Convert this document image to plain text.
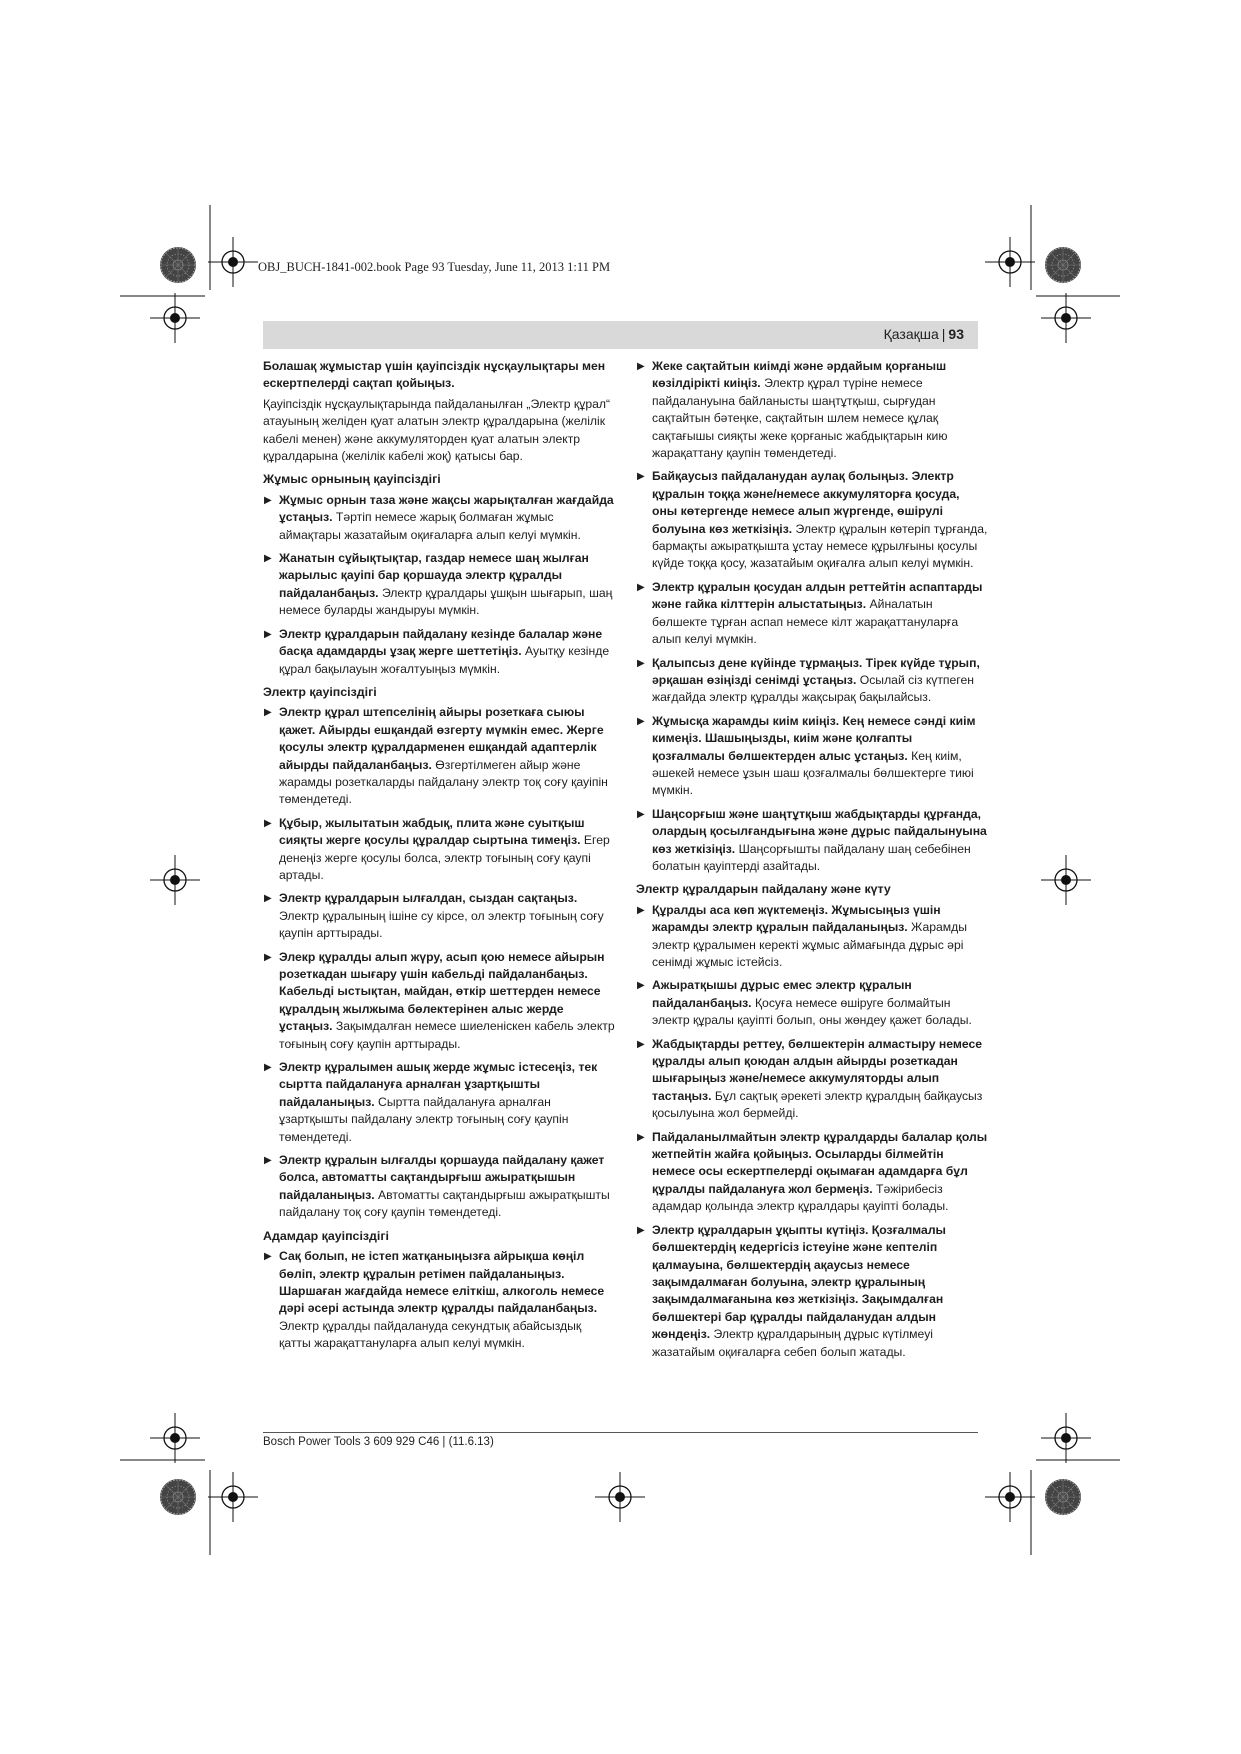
OBJ_BUCH-1841-002.book Page 93 Tuesday, June 11, 2013 1:11 PM
Қазақша | 93

Болашақ жұмыстар үшін қауіпсіздік нұсқаулықтары мен ескертпелерді сақтап қойыңыз.

Қауіпсіздік нұсқаулықтарында пайдаланылған „Электр құрал“ атауының желіден қуат алатын электр құралдарына (желілік кабелі менен) және аккумуляторден қуат алатын электр құралдарына (желілік кабелі жоқ) қатысы бар.

Жұмыс орнының қауіпсіздігі
▶ Жұмыс орнын таза және жақсы жарықталған жағдайда ұстаңыз. Тәртіп немесе жарық болмаған жұмыс аймақтары жазатайым оқиғаларға алып келуі мүмкін.
▶ Жанатын сұйықтықтар, газдар немесе шаң жылған жарылыс қауіпі бар қоршауда электр құралды пайдаланбаңыз. Электр құралдары ұшқын шығарып, шаң немесе буларды жандыруы мүмкін.
▶ Электр құралдарын пайдалану кезінде балалар және басқа адамдарды ұзақ жерге шеттетіңіз. Ауытқу кезінде құрал бақылауын жоғалтуыңыз мүмкін.
Электр қауіпсіздігі
▶ Электр құрал штепселінің айыры розеткаға сыюы қажет. Айырды ешқандай өзгерту мүмкін емес. Жерге қосулы электр құралдарменен ешқандай адаптерлік айырды пайдаланбаңыз. Өзгертілмеген айыр және жарамды розеткаларды пайдалану электр тоқ соғу қауіпін төмендетеді.
▶ Құбыр, жылытатын жабдық, плита және суытқыш сияқты жерге қосулы құралдар сыртына тимеңіз. Егер денеңіз жерге қосулы болса, электр тоғының соғу қаупі артады.
▶ Электр құралдарын ылғалдан, сыздан сақтаңыз. Электр құралының ішіне су кірсе, ол электр тоғының соғу қаупін арттырады.
▶ Элекр құралды алып жүру, асып қою немесе айырын розеткадан шығару үшін кабельді пайдаланбаңыз. Кабельді ыстықтан, майдан, өткір шеттерден немесе құралдың жылжыма бөлектерінен алыс жерде ұстаңыз. Зақымдалған немесе шиеленіскен кабель электр тоғының соғу қаупін арттырады.
▶ Электр құралымен ашық жерде жұмыс істесеңіз, тек сыртта пайдалануға арналған ұзартқышты пайдаланыңыз. Сыртта пайдалануға арналған ұзартқышты пайдалану электр тоғының соғу қаупін төмендетеді.
▶ Электр құралын ылғалды қоршауда пайдалану қажет болса, автоматты сақтандырғыш ажыратқышын пайдаланыңыз. Автоматты сақтандырғыш ажыратқышты пайдалану тоқ соғу қаупін төмендетеді.
Адамдар қауіпсіздігі
▶ Сақ болып, не істеп жатқаныңызға айрықша көңіл бөліп, электр құралын ретімен пайдаланыңыз. Шаршаған жағдайда немесе еліткіш, алкоголь немесе дәрі әсері астында электр құралды пайдаланбаңыз. Электр құралды пайдалануда секундтық абайсыздық қатты жарақаттануларға алып келуі мүмкін.
▶ Жеке сақтайтын киімді және әрдайым қорғаныш көзілдірікті киіңіз. Электр құрал түріне немесе пайдалануына байланысты шаңтұтқыш, сырғудан сақтайтын бәтеңке, сақтайтын шлем немесе құлақ сақтағышы сияқты жеке қорғаныс жабдықтарын кию жарақаттану қаупін төмендетеді.
▶ Байқаусыз пайдаланудан аулақ болыңыз. Электр құралын тоққа және/немесе аккумуляторға қосуда, оны көтергенде немесе алып жүргенде, өшірулі болуына көз жеткізіңіз. Электр құралын көтеріп тұрғанда, бармақты ажыратқышта ұстау немесе құрылғыны қосулы күйде тоққа қосу, жазатайым оқиғалға алып келуі мүмкін.
▶ Электр құралын қосудан алдын реттейтін аспаптарды және гайка кілттерін алыстатыңыз. Айналатын бөлшекте тұрған аспап немесе кілт жарақаттануларға алып келуі мүмкін.
▶ Қалыпсыз дене күйінде тұрмаңыз. Тірек күйде тұрып, әрқашан өзіңізді сенімді ұстаңыз. Осылай сіз күтпеген жағдайда электр құралды жақсырақ бақылайсыз.
▶ Жұмысқа жарамды киім киіңіз. Кең немесе сәнді киім кимеңіз. Шашыңызды, киім және қолғапты қозғалмалы бөлшектерден алыс ұстаңыз. Кең киім, әшекей немесе ұзын шаш қозғалмалы бөлшектерге тиюі мүмкін.
▶ Шаңсорғыш және шаңтұтқыш жабдықтарды құрғанда, олардың қосылғандығына және дұрыс пайдалынуына көз жеткізіңіз. Шаңсорғышты пайдалану шаң себебінен болатын қауіптерді азайтады.
Электр құралдарын пайдалану және күту
▶ Құралды аса көп жүктемеңіз. Жұмысыңыз үшін жарамды электр құралын пайдаланыңыз. Жарамды электр құралымен керекті жұмыс аймағында дұрыс әрі сенімді жұмыс істейсіз.
▶ Ажыратқышы дұрыс емес электр құралын пайдаланбаңыз. Қосуға немесе өшіруге болмайтын электр құралы қауіпті болып, оны жөндеу қажет болады.
▶ Жабдықтарды реттеу, бөлшектерін алмастыру немесе құралды алып қоюдан алдын айырды розеткадан шығарыңыз және/немесе аккумуляторды алып тастаңыз. Бұл сақтық әрекеті электр құралдың байқаусыз қосылуына жол бермейді.
▶ Пайдаланылмайтын электр құралдарды балалар қолы жетпейтін жайға қойыңыз. Осыларды білмейтін немесе осы ескертпелерді оқымаған адамдарға бұл құралды пайдалануға жол бермеңіз. Тәжірибесіз адамдар қолында электр құралдары қауіпті болады.
▶ Электр құралдарын ұқыпты күтіңіз. Қозғалмалы бөлшектердің кедергісіз істеуіне және кептеліп қалмауына, бөлшектердің ақаусыз немесе зақымдалмаған болуына, электр құралының зақымдалмағанына көз жеткізіңіз. Зақымдалған бөлшектері бар құралды пайдаланудан алдын жөндеңіз. Электр құралдарының дұрыс күтілмеуі жазатайым оқиғаларға себеп болып жатады.
Bosch Power Tools 3 609 929 C46 | (11.6.13)
